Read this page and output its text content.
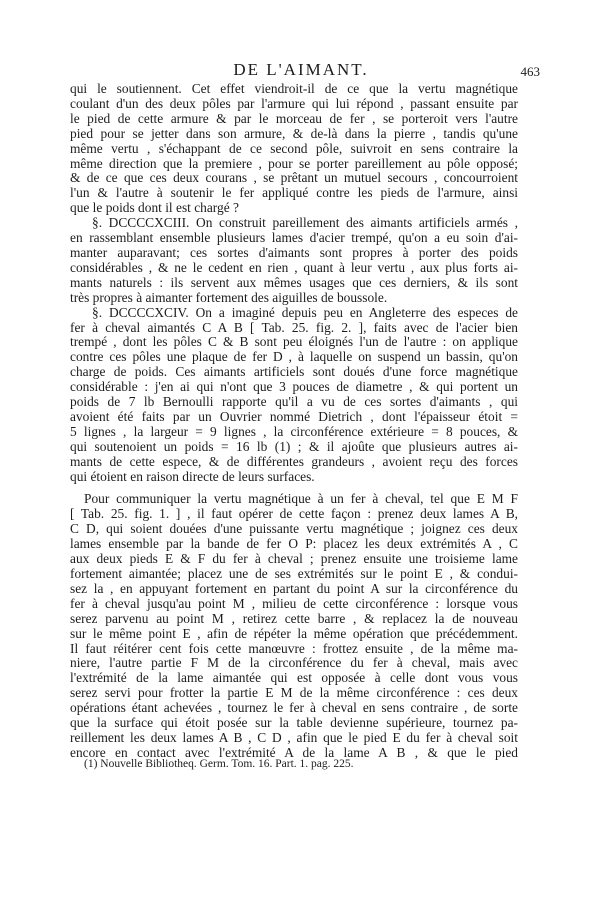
DE L'AIMANT.	463
qui le soutiennent. Cet effet viendroit-il de ce que la vertu magnétique
coulant d'un des deux pôles par l'armure qui lui répond , passant ensuite par
le pied de cette armure & par le morceau de fer , se porteroit vers l'autre
pied pour se jetter dans son armure, & de-là dans la pierre , tandis qu'une
même vertu , s'échappant de ce second pôle, suivroit en sens contraire la
même direction que la premiere , pour se porter pareillement au pôle opposé;
& de ce que ces deux courans , se prêtant un mutuel secours , concourroient
l'un & l'autre à soutenir le fer appliqué contre les pieds de l'armure, ainsi
que le poids dont il est chargé ?
§. DCCCCXCIII. On construit pareillement des aimants artificiels armés ,
en rassemblant ensemble plusieurs lames d'acier trempé, qu'on a eu soin d'ai-
manter auparavant; ces sortes d'aimants sont propres à porter des poids
considérables , & ne le cedent en rien , quant à leur vertu , aux plus forts ai-
mants naturels : ils servent aux mêmes usages que ces derniers, & ils sont
très propres à aimanter fortement des aiguilles de boussole.
§. DCCCCXCIV. On a imaginé depuis peu en Angleterre des especes de
fer à cheval aimantés C A B [ Tab. 25. fig. 2. ], faits avec de l'acier bien
trempé , dont les pôles C & B sont peu éloignés l'un de l'autre : on applique
contre ces pôles une plaque de fer D , à laquelle on suspend un bassin, qu'on
charge de poids. Ces aimants artificiels sont doués d'une force magnétique
considérable : j'en ai qui n'ont que 3 pouces de diametre , & qui portent un
poids de 7 lb Bernoulli rapporte qu'il a vu de ces sortes d'aimants , qui
avoient été faits par un Ouvrier nommé Dietrich , dont l'épaisseur étoit =
5 lignes , la largeur = 9 lignes , la circonférence extérieure = 8 pouces, &
qui soutenoient un poids = 16 lb (1) ; & il ajoûte que plusieurs autres ai-
mants de cette espece, & de différentes grandeurs , avoient reçu des forces
qui étoient en raison directe de leurs surfaces.
Pour communiquer la vertu magnétique à un fer à cheval, tel que E M F
[ Tab. 25. fig. 1. ] , il faut opérer de cette façon : prenez deux lames A B,
C D, qui soient douées d'une puissante vertu magnétique ; joignez ces deux
lames ensemble par la bande de fer O P: placez les deux extrémités A , C
aux deux pieds E & F du fer à cheval ; prenez ensuite une troisieme lame
fortement aimantée; placez une de ses extrémités sur le point E , & condui-
sez la , en appuyant fortement en partant du point A sur la circonférence du
fer à cheval jusqu'au point M , milieu de cette circonférence : lorsque vous
serez parvenu au point M , retirez cette barre , & replacez la de nouveau
sur le même point E , afin de répéter la même opération que précédemment.
Il faut réitérer cent fois cette manœuvre : frottez ensuite , de la même ma-
niere, l'autre partie F M de la circonférence du fer à cheval, mais avec
l'extrémité de la lame aimantée qui est opposée à celle dont vous vous
serez servi pour frotter la partie E M de la même circonférence : ces deux
opérations étant achevées , tournez le fer à cheval en sens contraire , de sorte
que la surface qui étoit posée sur la table devienne supérieure, tournez pa-
reillement les deux lames A B , C D , afin que le pied E du fer à cheval soit
encore en contact avec l'extrémité A de la lame A B , & que le pied
(1) Nouvelle Bibliotheq. Germ. Tom. 16. Part. 1. pag. 225.
